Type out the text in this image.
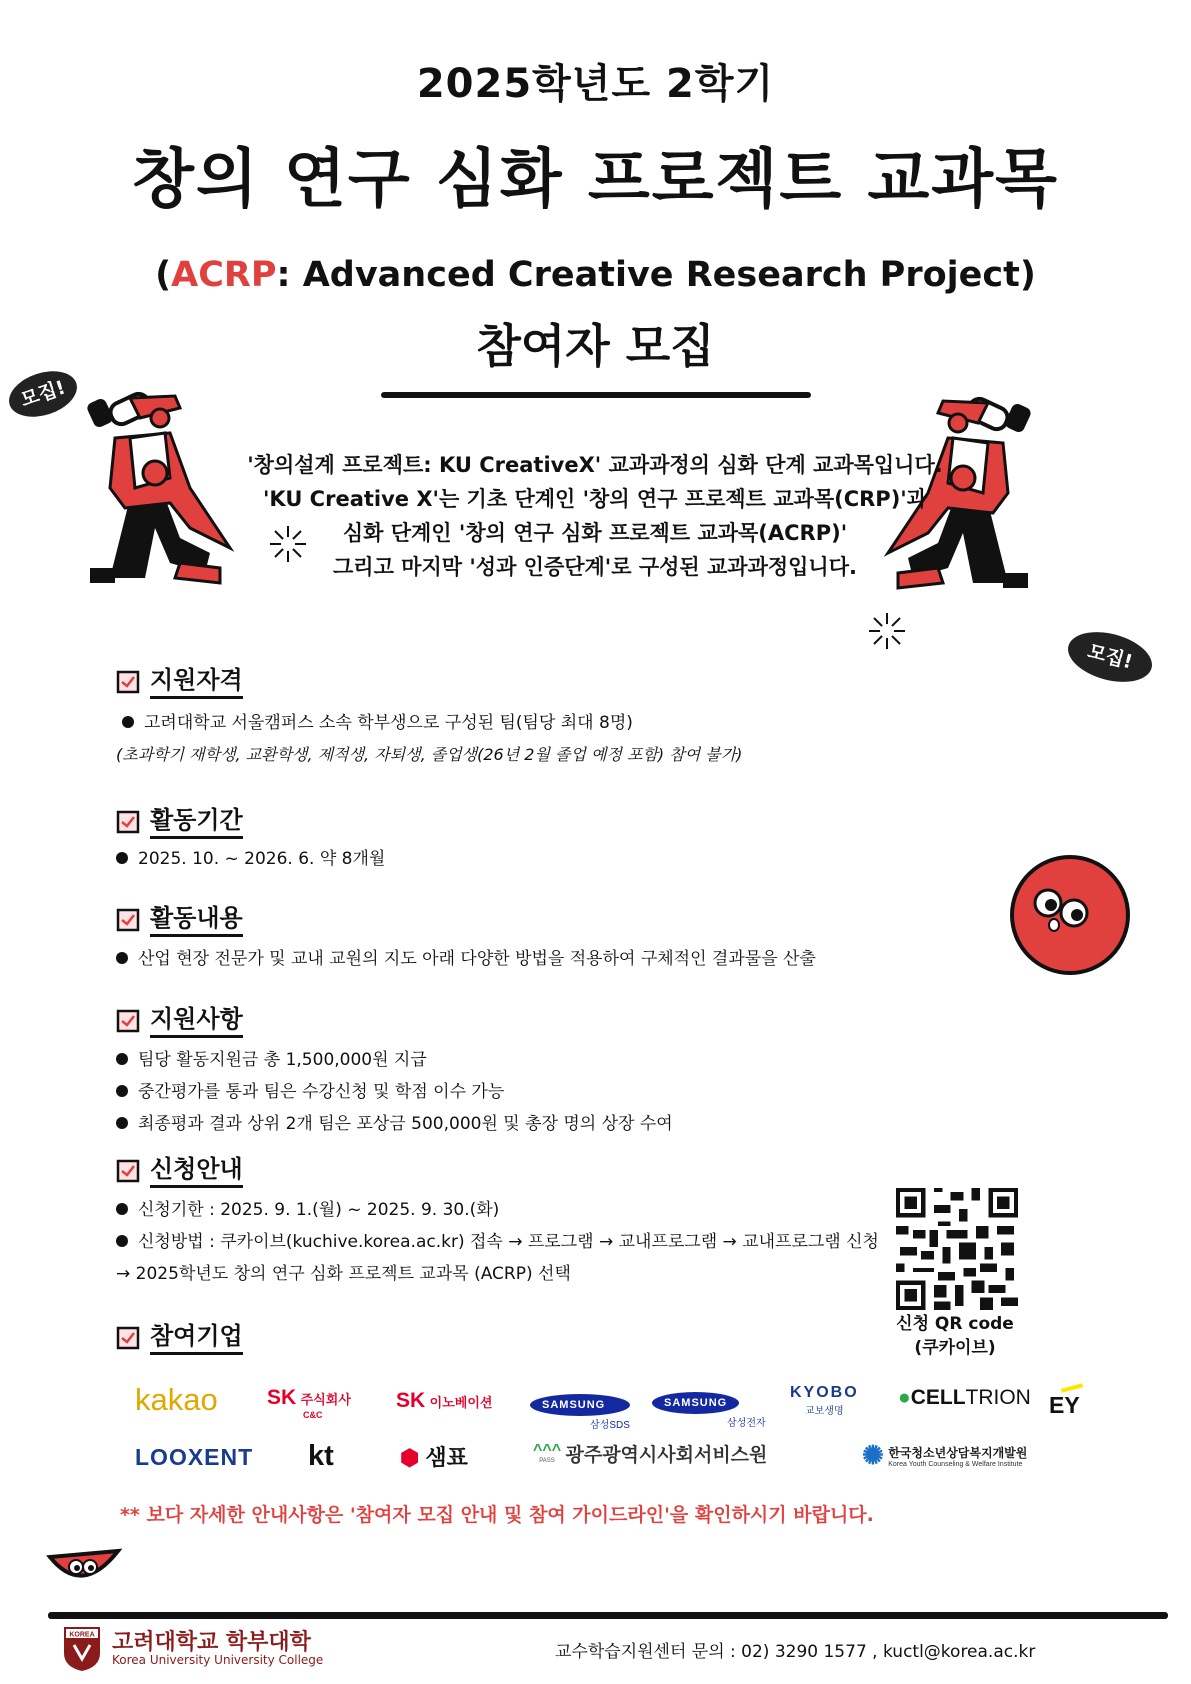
2025학년도 2학기
창의 연구 심화 프로젝트 교과목
(ACRP: Advanced Creative Research Project)
참여자 모집
모집!
모집!
'창의설계 프로젝트: KU CreativeX' 교과과정의 심화 단계 교과목입니다.
'KU Creative X'는 기초 단계인 '창의 연구 프로젝트 교과목(CRP)'과
심화 단계인 '창의 연구 심화 프로젝트 교과목(ACRP)'
그리고 마지막 '성과 인증단계'로 구성된 교과과정입니다.
지원자격
고려대학교 서울캠퍼스 소속 학부생으로 구성된 팀(팀당 최대 8명)
(초과학기 재학생, 교환학생, 제적생, 자퇴생, 졸업생(26년 2월 졸업 예정 포함) 참여 불가)
활동기간
2025. 10. ~ 2026. 6. 약 8개월
활동내용
산업 현장 전문가 및 교내 교원의 지도 아래 다양한 방법을 적용하여 구체적인 결과물을 산출
지원사항
팀당 활동지원금 총 1,500,000원 지급
중간평가를 통과 팀은 수강신청 및 학점 이수 가능
최종평과 결과 상위 2개 팀은 포상금 500,000원 및 총장 명의 상장 수여
신청안내
신청기한 : 2025. 9. 1.(월) ~ 2025. 9. 30.(화)
신청방법 : 쿠카이브(kuchive.korea.ac.kr) 접속 → 프로그램 → 교내프로그램 → 교내프로그램 신청
→ 2025학년도 창의 연구 심화 프로젝트 교과목 (ACRP) 선택
신청 QR code
(쿠카이브)
참여기업
kakao SK 주식회사
C&C
SK 이노베이션	SAMSUNG
삼성SDS
SAMSUNG
삼성전자
KYOBO
교보생명
●CELLTRION EY
LOOXENT kt	⬢ 샘표	^^^
PASS 광주광역시사회서비스원	✺ 한국청소년상담복지개발원
Korea Youth Counseling & Welfare Institute
** 보다 자세한 안내사항은 '참여자 모집 안내 및 참여 가이드라인'을 확인하시기 바랍니다.
KOREA 고려대학교 학부대학
Korea University University College	교수학습지원센터 문의 : 02) 3290 1577 , kuctl@korea.ac.kr
